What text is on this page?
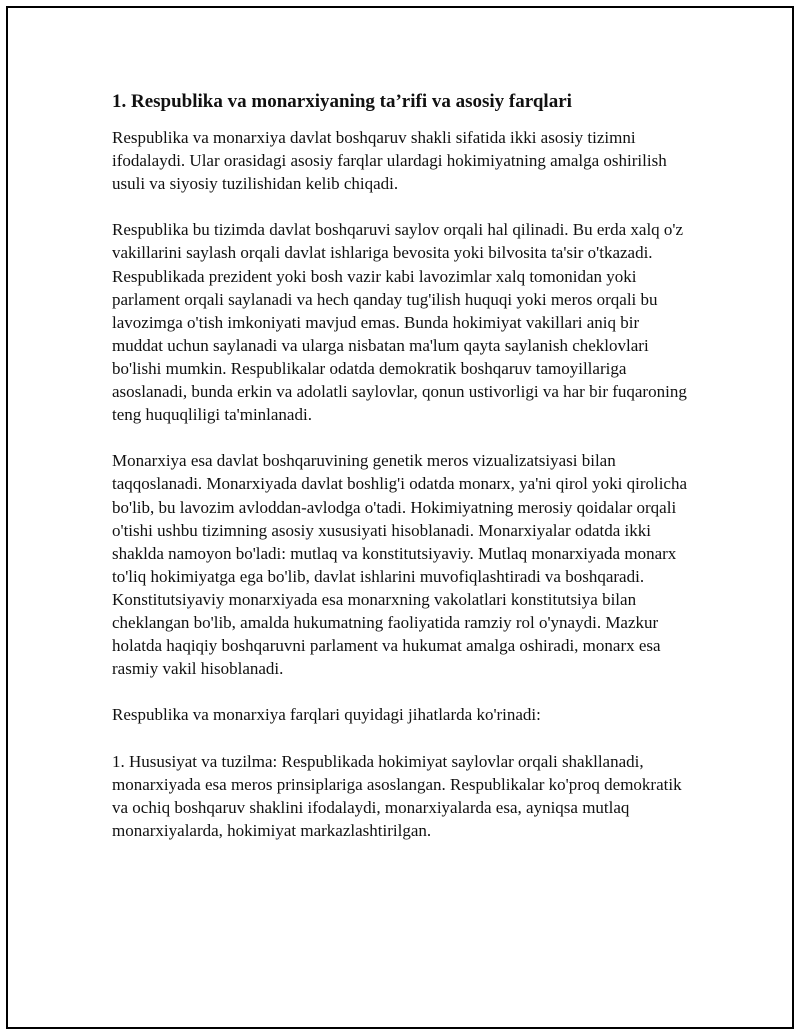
1. Respublika va monarxiyaning ta’rifi va asosiy farqlari

Respublika va monarxiya davlat boshqaruv shakli sifatida ikki asosiy tizimni ifodalaydi. Ular orasidagi asosiy farqlar ulardagi hokimiyatning amalga oshirilish usuli va siyosiy tuzilishidan kelib chiqadi.

Respublika bu tizimda davlat boshqaruvi saylov orqali hal qilinadi. Bu erda xalq o'z vakillarini saylash orqali davlat ishlariga bevosita yoki bilvosita ta'sir o'tkazadi. Respublikada prezident yoki bosh vazir kabi lavozimlar xalq tomonidan yoki parlament orqali saylanadi va hech qanday tug'ilish huquqi yoki meros orqali bu lavozimga o'tish imkoniyati mavjud emas. Bunda hokimiyat vakillari aniq bir muddat uchun saylanadi va ularga nisbatan ma'lum qayta saylanish cheklovlari bo'lishi mumkin. Respublikalar odatda demokratik boshqaruv tamoyillariga asoslanadi, bunda erkin va adolatli saylovlar, qonun ustivorligi va har bir fuqaroning teng huquqliligi ta'minlanadi.

Monarxiya esa davlat boshqaruvining genetik meros vizualizatsiyasi bilan taqqoslanadi. Monarxiyada davlat boshlig'i odatda monarx, ya'ni qirol yoki qirolicha bo'lib, bu lavozim avloddan-avlodga o'tadi. Hokimiyatning merosiy qoidalar orqali o'tishi ushbu tizimning asosiy xususiyati hisoblanadi. Monarxiyalar odatda ikki shaklda namoyon bo'ladi: mutlaq va konstitutsiyaviy. Mutlaq monarxiyada monarx to'liq hokimiyatga ega bo'lib, davlat ishlarini muvofiqlashtiradi va boshqaradi. Konstitutsiyaviy monarxiyada esa monarxning vakolatlari konstitutsiya bilan cheklangan bo'lib, amalda hukumatning faoliyatida ramziy rol o'ynaydi. Mazkur holatda haqiqiy boshqaruvni parlament va hukumat amalga oshiradi, monarx esa rasmiy vakil hisoblanadi.

Respublika va monarxiya farqlari quyidagi jihatlarda ko'rinadi:

1. Hususiyat va tuzilma: Respublikada hokimiyat saylovlar orqali shakllanadi, monarxiyada esa meros prinsiplariga asoslangan. Respublikalar ko'proq demokratik va ochiq boshqaruv shaklini ifodalaydi, monarxiyalarda esa, ayniqsa mutlaq monarxiyalarda, hokimiyat markazlashtirilgan.
